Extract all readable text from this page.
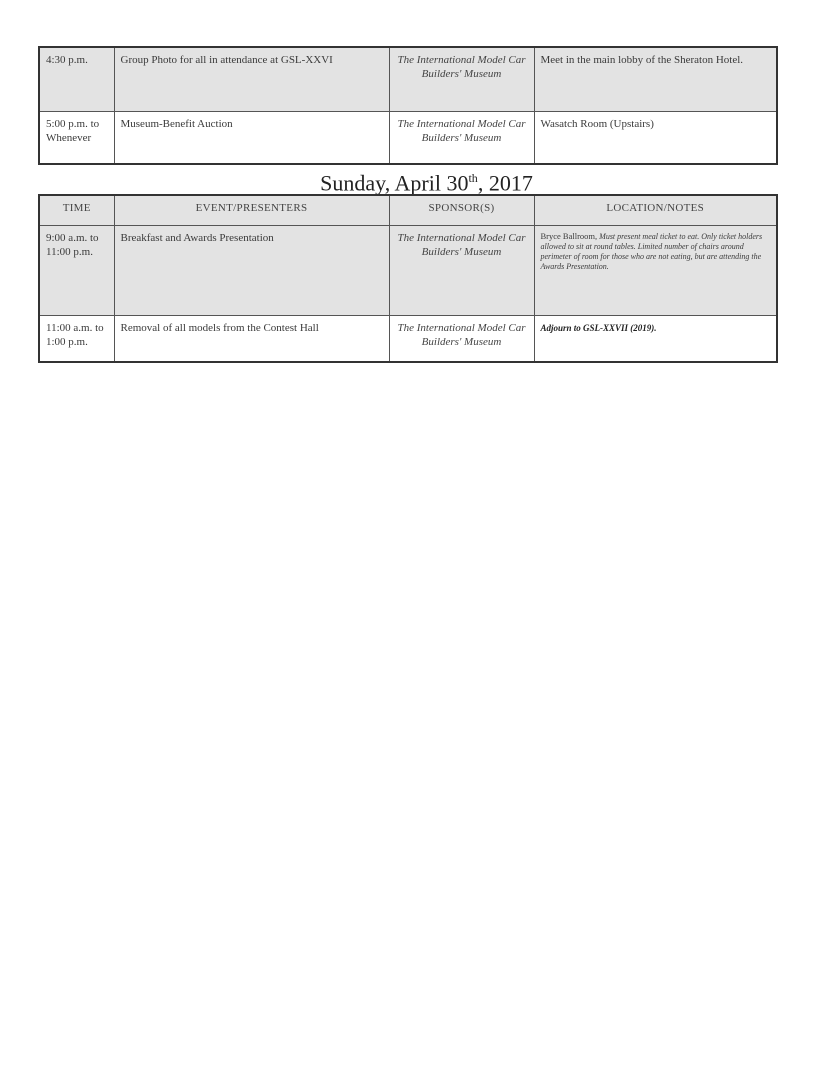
4:30 p.m.	Group Photo for all in attendance at GSL-XXVI	The International Model Car Builders' Museum	Meet in the main lobby of the Sheraton Hotel.
5:00 p.m. to Whenever	Museum-Benefit Auction	The International Model Car Builders' Museum	Wasatch Room (Upstairs)
Sunday, April 30th, 2017
TIME	EVENT/PRESENTERS	SPONSOR(S)	LOCATION/NOTES
9:00 a.m. to 11:00 p.m.	Breakfast and Awards Presentation	The International Model Car Builders' Museum	Bryce Ballroom, Must present meal ticket to eat. Only ticket holders allowed to sit at round tables. Limited number of chairs around perimeter of room for those who are not eating, but are attending the Awards Presentation.
11:00 a.m. to 1:00 p.m.	Removal of all models from the Contest Hall	The International Model Car Builders' Museum	Adjourn to GSL-XXVII (2019).
